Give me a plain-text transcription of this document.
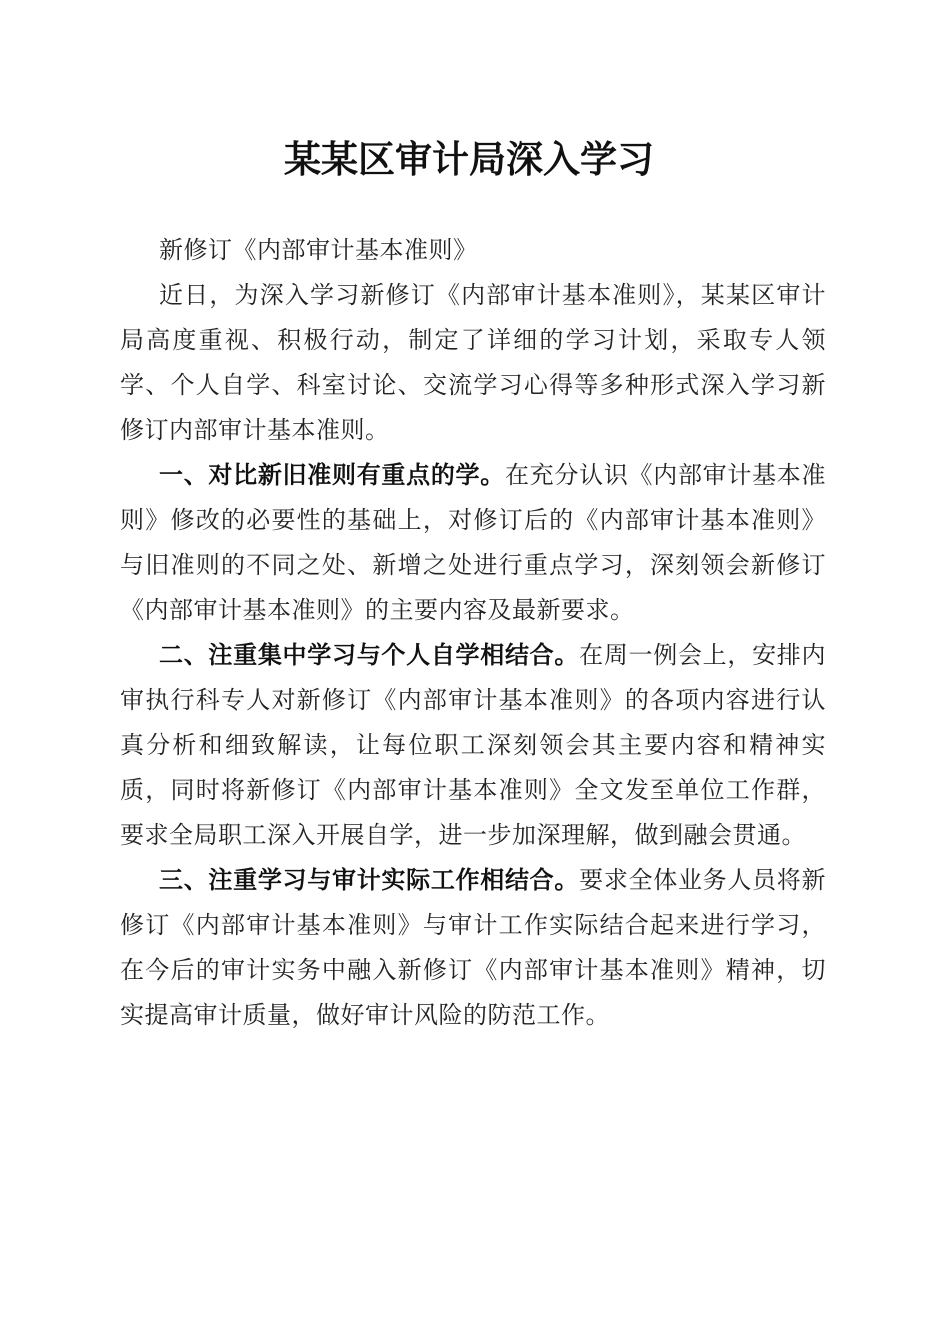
某某区审计局深入学习

新修订《内部审计基本准则》

近日，为深入学习新修订《内部审计基本准则》，某某区审计局高度重视、积极行动，制定了详细的学习计划，采取专人领学、个人自学、科室讨论、交流学习心得等多种形式深入学习新修订内部审计基本准则。

一、对比新旧准则有重点的学。在充分认识《内部审计基本准则》修改的必要性的基础上，对修订后的《内部审计基本准则》与旧准则的不同之处、新增之处进行重点学习，深刻领会新修订《内部审计基本准则》的主要内容及最新要求。

二、注重集中学习与个人自学相结合。在周一例会上，安排内审执行科专人对新修订《内部审计基本准则》的各项内容进行认真分析和细致解读，让每位职工深刻领会其主要内容和精神实质，同时将新修订《内部审计基本准则》全文发至单位工作群，要求全局职工深入开展自学，进一步加深理解，做到融会贯通。

三、注重学习与审计实际工作相结合。要求全体业务人员将新修订《内部审计基本准则》与审计工作实际结合起来进行学习，在今后的审计实务中融入新修订《内部审计基本准则》精神，切实提高审计质量，做好审计风险的防范工作。
